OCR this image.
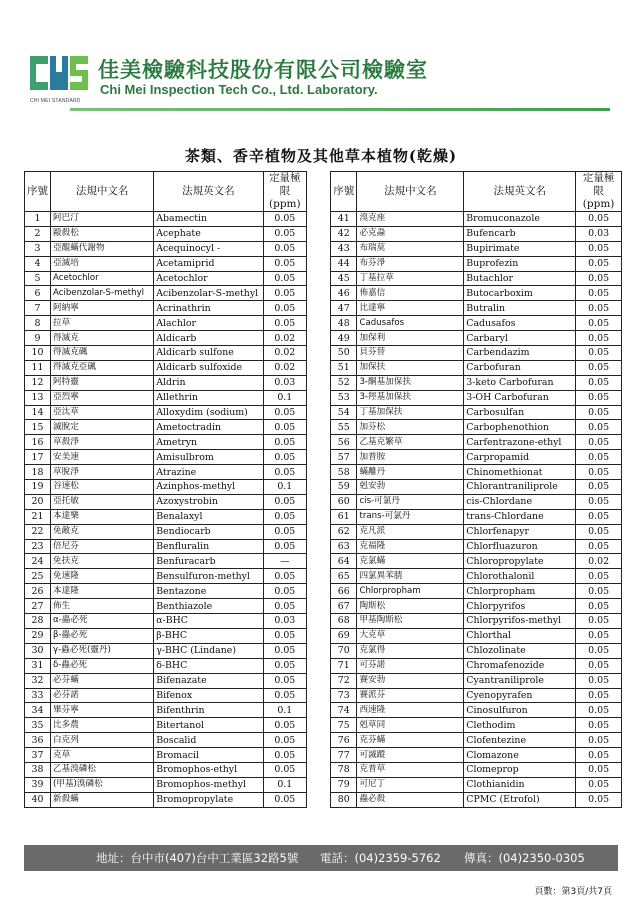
CHI MEI STANDARD
佳美檢驗科技股份有限公司檢驗室
Chi Mei Inspection Tech Co., Ltd. Laboratory.
茶類、香辛植物及其他草本植物(乾燥)
序號	法規中文名	法規英文名	定量極限(ppm)
1	阿巴汀	Abamectin	0.05
2	毆殺松	Acephate	0.05
3	亞醌蟎代謝物	Acequinocyl -	0.05
4	亞滅培	Acetamiprid	0.05
5	Acetochlor	Acetochlor	0.05
6	Acibenzolar-S-methyl	Acibenzolar-S-methyl	0.05
7	阿納寧	Acrinathrin	0.05
8	拉草	Alachlor	0.05
9	得滅克	Aldicarb	0.02
10	得滅克碸	Aldicarb sulfone	0.02
11	得滅克亞碸	Aldicarb sulfoxide	0.02
12	阿特靈	Aldrin	0.03
13	亞烈寧	Allethrin	0.1
14	亞汰草	Alloxydim (sodium)	0.05
15	滅脫定	Ametoctradin	0.05
16	草殺淨	Ametryn	0.05
17	安美速	Amisulbrom	0.05
18	草脫淨	Atrazine	0.05
19	谷速松	Azinphos-methyl	0.1
20	亞托敏	Azoxystrobin	0.05
21	本達樂	Benalaxyl	0.05
22	免敵克	Bendiocarb	0.05
23	倍尼芬	Benfluralin	0.05
24	免扶克	Benfuracarb	—
25	免速隆	Bensulfuron-methyl	0.05
26	本達隆	Bentazone	0.05
27	佈生	Benthiazole	0.05
28	α-蟲必死	α-BHC	0.03
29	β-蟲必死	β-BHC	0.05
30	γ-蟲必死(靈丹)	γ-BHC (Lindane)	0.05
31	δ-蟲必死	δ-BHC	0.05
32	必芬蟎	Bifenazate	0.05
33	必芬諾	Bifenox	0.05
34	畢芬寧	Bifenthrin	0.1
35	比多農	Bitertanol	0.05
36	白克列	Boscalid	0.05
37	克草	Bromacil	0.05
38	乙基溴磷松	Bromophos-ethyl	0.05
39	(甲基)溴磷松	Bromophos-methyl	0.1
40	新殺蟎	Bromopropylate	0.05
序號	法規中文名	法規英文名	定量極限(ppm)
41	溴克座	Bromuconazole	0.05
42	必克蝨	Bufencarb	0.03
43	布瑞莫	Bupirimate	0.05
44	布芬淨	Buprofezin	0.05
45	丁基拉草	Butachlor	0.05
46	佈嘉信	Butocarboxim	0.05
47	比達寧	Butralin	0.05
48	Cadusafos	Cadusafos	0.05
49	加保利	Carbaryl	0.05
50	貝芬替	Carbendazim	0.05
51	加保扶	Carbofuran	0.05
52	3-酮基加保扶	3-keto Carbofuran	0.05
53	3-羥基加保扶	3-OH Carbofuran	0.05
54	丁基加保扶	Carbosulfan	0.05
55	加芬松	Carbophenothion	0.05
56	乙基克繁草	Carfentrazone-ethyl	0.05
57	加普胺	Carpropamid	0.05
58	蟎離丹	Chinomethionat	0.05
59	剋安勃	Chlorantraniliprole	0.05
60	cis-可氯丹	cis-Chlordane	0.05
61	trans-可氯丹	trans-Chlordane	0.05
62	克凡派	Chlorfenapyr	0.05
63	克福隆	Chlorfluazuron	0.05
64	克氯蟎	Chloropropylate	0.02
65	四氯異苯腈	Chlorothalonil	0.05
66	Chlorpropham	Chlorpropham	0.05
67	陶斯松	Chlorpyrifos	0.05
68	甲基陶斯松	Chlorpyrifos-methyl	0.05
69	大克草	Chlorthal	0.05
70	克氯得	Chlozolinate	0.05
71	可芬諾	Chromafenozide	0.05
72	賽安勃	Cyantraniliprole	0.05
73	賽派芬	Cyenopyrafen	0.05
74	西速隆	Cinosulfuron	0.05
75	剋草同	Clethodim	0.05
76	克芬蟎	Clofentezine	0.05
77	可滅蹤	Clomazone	0.05
78	克普草	Clomeprop	0.05
79	可尼丁	Clothianidin	0.05
80	蟲必殺	CPMC (Etrofol)	0.05
地址：台中市(407)台中工業區32路5號 電話：(04)2359-5762 傳真：(04)2350-0305
頁數：第3頁/共7頁
